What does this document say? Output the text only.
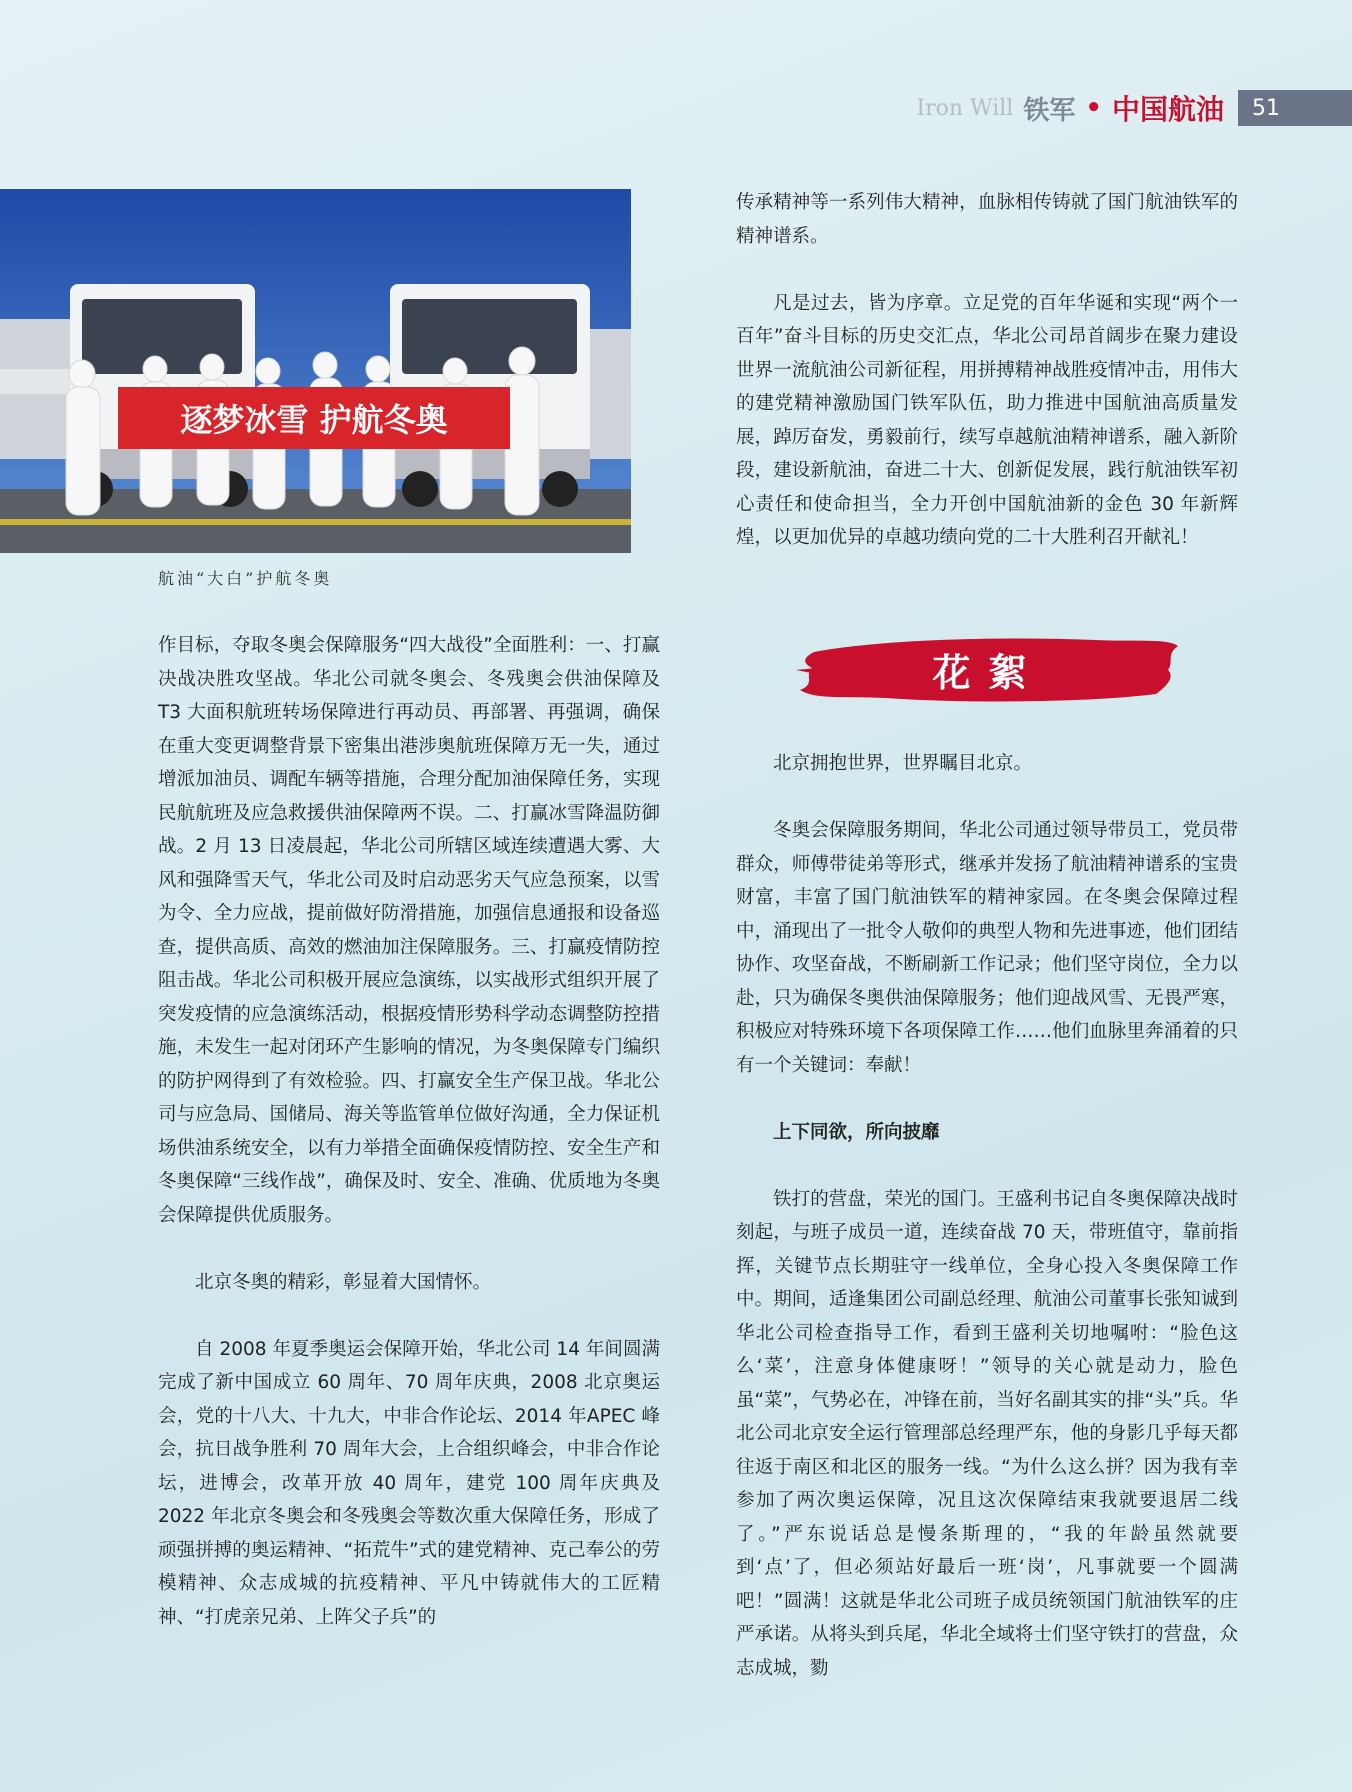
Iron Will 铁军 • 中国航油	51
逐梦冰雪 护航冬奥
航油“大白”护航冬奥

作目标，夺取冬奥会保障服务“四大战役”全面胜利：一、打赢决战决胜攻坚战。华北公司就冬奥会、冬残奥会供油保障及 T3 大面积航班转场保障进行再动员、再部署、再强调，确保在重大变更调整背景下密集出港涉奥航班保障万无一失，通过增派加油员、调配车辆等措施，合理分配加油保障任务，实现民航航班及应急救援供油保障两不误。二、打赢冰雪降温防御战。2 月 13 日凌晨起，华北公司所辖区域连续遭遇大雾、大风和强降雪天气，华北公司及时启动恶劣天气应急预案，以雪为令、全力应战，提前做好防滑措施，加强信息通报和设备巡查，提供高质、高效的燃油加注保障服务。三、打赢疫情防控阻击战。华北公司积极开展应急演练，以实战形式组织开展了突发疫情的应急演练活动，根据疫情形势科学动态调整防控措施，未发生一起对闭环产生影响的情况，为冬奥保障专门编织的防护网得到了有效检验。四、打赢安全生产保卫战。华北公司与应急局、国储局、海关等监管单位做好沟通，全力保证机场供油系统安全，以有力举措全面确保疫情防控、安全生产和冬奥保障“三线作战”，确保及时、安全、准确、优质地为冬奥会保障提供优质服务。

北京冬奥的精彩，彰显着大国情怀。

自 2008 年夏季奥运会保障开始，华北公司 14 年间圆满完成了新中国成立 60 周年、70 周年庆典，2008 北京奥运会，党的十八大、十九大，中非合作论坛、2014 年APEC 峰会，抗日战争胜利 70 周年大会，上合组织峰会，中非合作论坛，进博会，改革开放 40 周年，建党 100 周年庆典及 2022 年北京冬奥会和冬残奥会等数次重大保障任务，形成了顽强拼搏的奥运精神、“拓荒牛”式的建党精神、克己奉公的劳模精神、众志成城的抗疫精神、平凡中铸就伟大的工匠精神、“打虎亲兄弟、上阵父子兵”的

传承精神等一系列伟大精神，血脉相传铸就了国门航油铁军的精神谱系。

凡是过去，皆为序章。立足党的百年华诞和实现“两个一百年”奋斗目标的历史交汇点，华北公司昂首阔步在聚力建设世界一流航油公司新征程，用拼搏精神战胜疫情冲击，用伟大的建党精神激励国门铁军队伍，助力推进中国航油高质量发展，踔厉奋发，勇毅前行，续写卓越航油精神谱系，融入新阶段，建设新航油，奋进二十大、创新促发展，践行航油铁军初心责任和使命担当，全力开创中国航油新的金色 30 年新辉煌，以更加优异的卓越功绩向党的二十大胜利召开献礼！

花絮

北京拥抱世界，世界瞩目北京。

冬奥会保障服务期间，华北公司通过领导带员工，党员带群众，师傅带徒弟等形式，继承并发扬了航油精神谱系的宝贵财富，丰富了国门航油铁军的精神家园。在冬奥会保障过程中，涌现出了一批令人敬仰的典型人物和先进事迹，他们团结协作、攻坚奋战，不断刷新工作记录；他们坚守岗位，全力以赴，只为确保冬奥供油保障服务；他们迎战风雪、无畏严寒，积极应对特殊环境下各项保障工作……他们血脉里奔涌着的只有一个关键词：奉献！

上下同欲，所向披靡

铁打的营盘，荣光的国门。王盛利书记自冬奥保障决战时刻起，与班子成员一道，连续奋战 70 天，带班值守，靠前指挥，关键节点长期驻守一线单位，全身心投入冬奥保障工作中。期间，适逢集团公司副总经理、航油公司董事长张知诚到华北公司检查指导工作，看到王盛利关切地嘱咐：“脸色这么‘菜’，注意身体健康呀！”领导的关心就是动力，脸色虽“菜”，气势必在，冲锋在前，当好名副其实的排“头”兵。华北公司北京安全运行管理部总经理严东，他的身影几乎每天都往返于南区和北区的服务一线。“为什么这么拼？因为我有幸参加了两次奥运保障，况且这次保障结束我就要退居二线了。”严东说话总是慢条斯理的，“我的年龄虽然就要到‘点’了，但必须站好最后一班‘岗’，凡事就要一个圆满吧！”圆满！这就是华北公司班子成员统领国门航油铁军的庄严承诺。从将头到兵尾，华北全域将士们坚守铁打的营盘，众志成城，勠
